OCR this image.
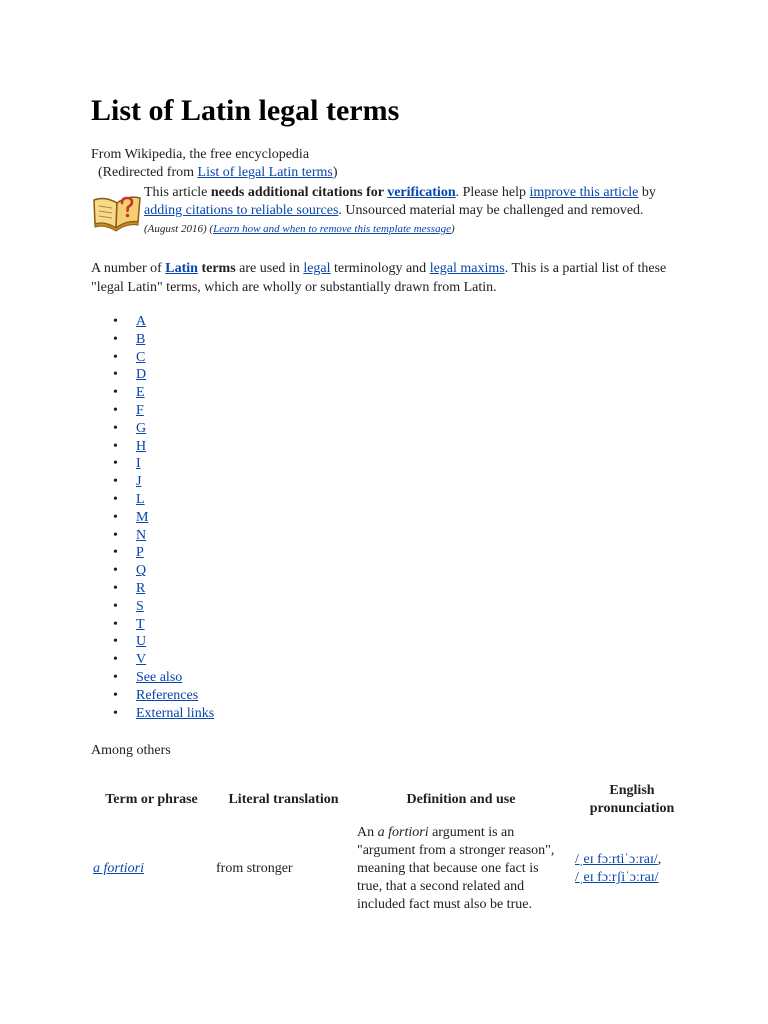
List of Latin legal terms
From Wikipedia, the free encyclopedia
(Redirected from List of legal Latin terms)
This article needs additional citations for verification. Please help improve this article by adding citations to reliable sources. Unsourced material may be challenged and removed. (August 2016) (Learn how and when to remove this template message)
A number of Latin terms are used in legal terminology and legal maxims. This is a partial list of these "legal Latin" terms, which are wholly or substantially drawn from Latin.
• A
• B
• C
• D
• E
• F
• G
• H
• I
• J
• L
• M
• N
• P
• Q
• R
• S
• T
• U
• V
• See also
• References
• External links
Among others
Term or phrase	Literal translation	Definition and use	English pronunciation
a fortiori	from stronger	An a fortiori argument is an "argument from a stronger reason", meaning that because one fact is true, that a second related and included fact must also be true.	/ˌeɪ fɔːrtiˈɔːraɪ/,
/ˌeɪ fɔːrʃiˈɔːraɪ/
